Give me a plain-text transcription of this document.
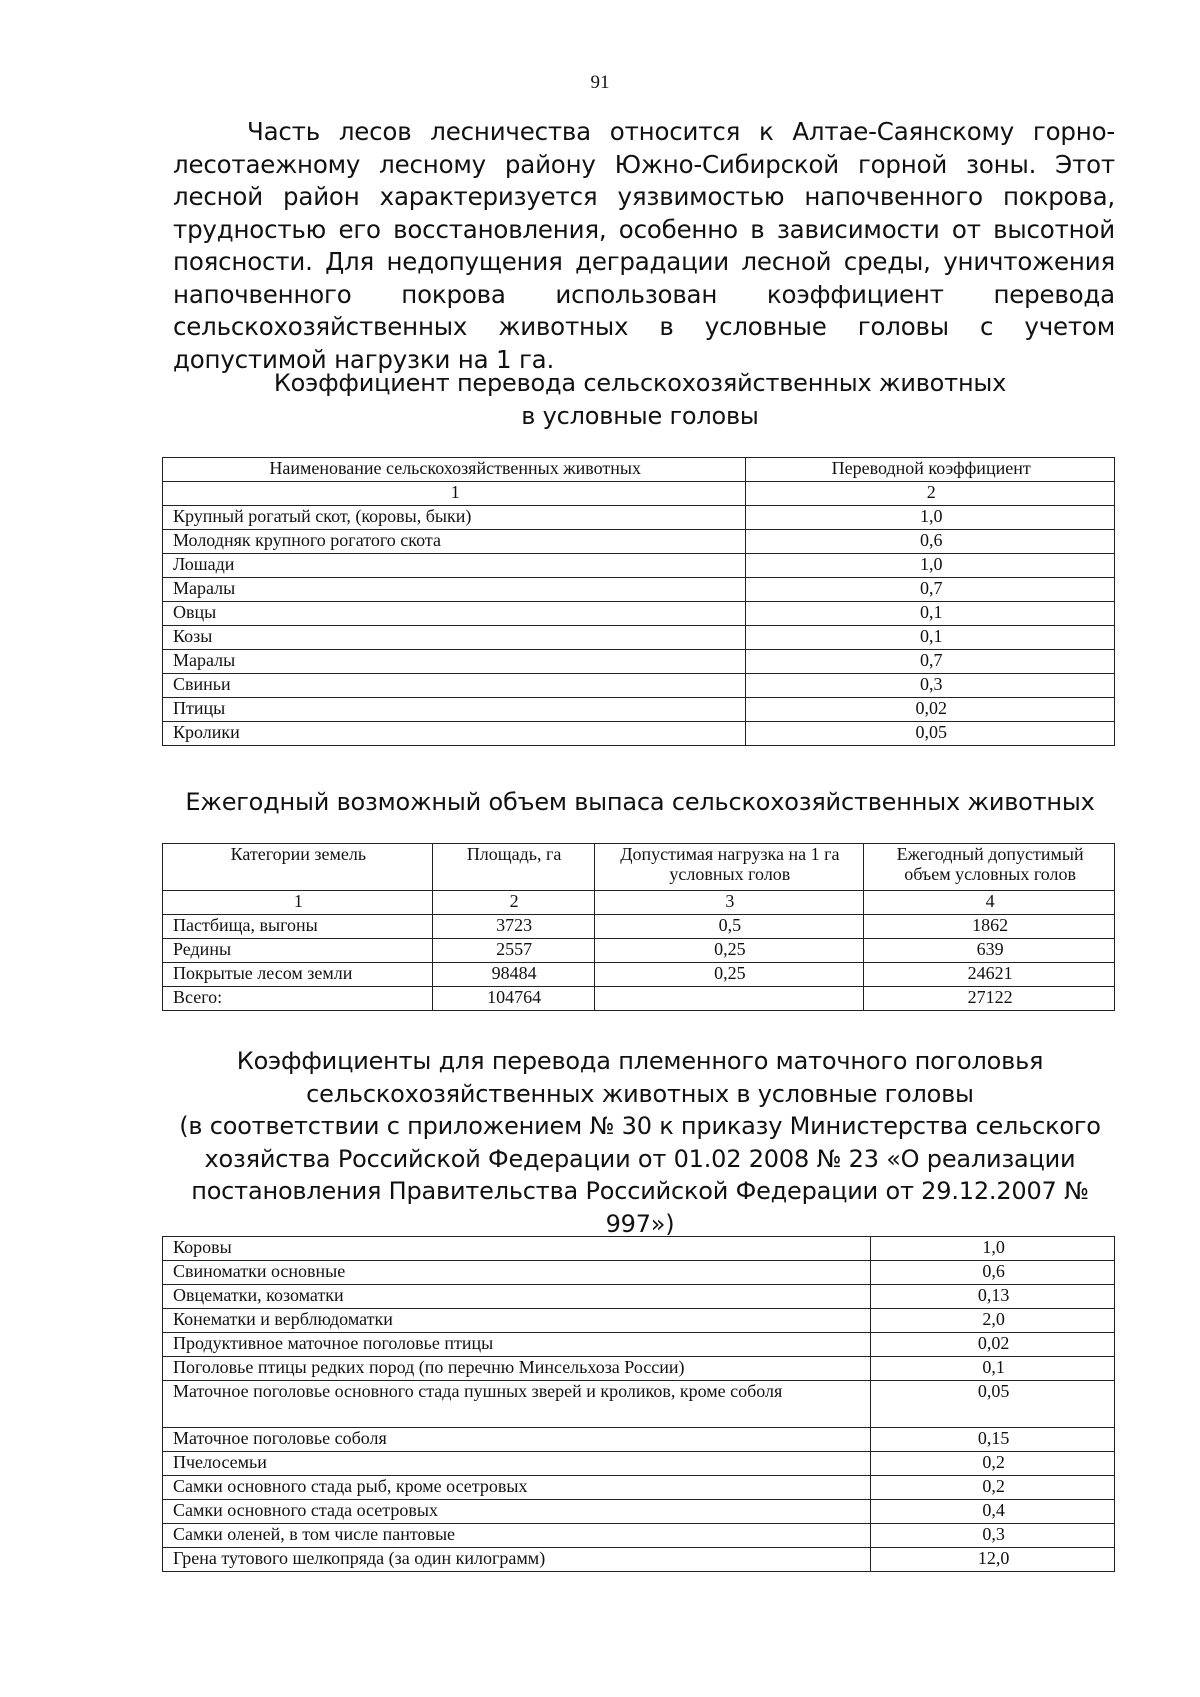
91

Часть лесов лесничества относится к Алтае-Саянскому горно-лесотаежному лесному району Южно-Сибирской горной зоны. Этот лесной район характеризуется уязвимостью напочвенного покрова, трудностью его восстановления, особенно в зависимости от высотной поясности. Для недопущения деградации лесной среды, уничтожения напочвенного покрова использован коэффициент перевода сельскохозяйственных животных в условные головы с учетом допустимой нагрузки на 1 га.

Коэффициент перевода сельскохозяйственных животных
в условные головы
Наименование сельскохозяйственных животных	Переводной коэффициент
1	2
Крупный рогатый скот, (коровы, быки)	1,0
Молодняк крупного рогатого скота	0,6
Лошади	1,0
Маралы	0,7
Овцы	0,1
Козы	0,1
Маралы	0,7
Свиньи	0,3
Птицы	0,02
Кролики	0,05
Ежегодный возможный объем выпаса сельскохозяйственных животных
Категории земель	Площадь, га	Допустимая нагрузка на 1 га условных голов	Ежегодный допустимый объем условных голов
1	2	3	4
Пастбища, выгоны	3723	0,5	1862
Редины	2557	0,25	639
Покрытые лесом земли	98484	0,25	24621
Всего:	104764		27122
Коэффициенты для перевода племенного маточного поголовья
сельскохозяйственных животных в условные головы
(в соответствии с приложением № 30 к приказу Министерства сельского
хозяйства Российской Федерации от 01.02 2008 № 23 «О реализации
постановления Правительства Российской Федерации от 29.12.2007 № 997»)
Коровы	1,0
Свиноматки основные	0,6
Овцематки, козоматки	0,13
Конематки и верблюдоматки	2,0
Продуктивное маточное поголовье птицы	0,02
Поголовье птицы редких пород (по перечню Минсельхоза России)	0,1
Маточное поголовье основного стада пушных зверей и кроликов, кроме соболя	0,05
Маточное поголовье соболя	0,15
Пчелосемьи	0,2
Самки основного стада рыб, кроме осетровых	0,2
Самки основного стада осетровых	0,4
Самки оленей, в том числе пантовые	0,3
Грена тутового шелкопряда (за один килограмм)	12,0
